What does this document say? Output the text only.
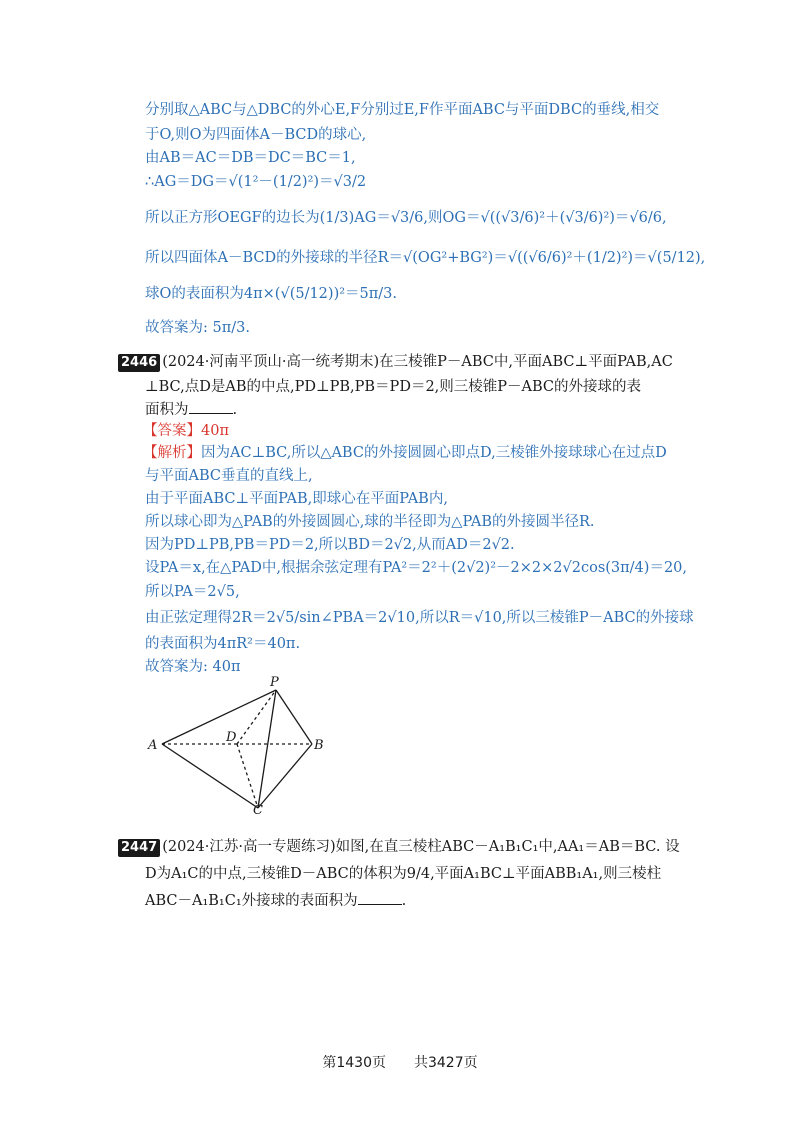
分别取△ABC与△DBC的外心E,F分别过E,F作平面ABC与平面DBC的垂线,相交
于O,则O为四面体A－BCD的球心,
由AB＝AC＝DB＝DC＝BC＝1,
∴AG＝DG＝√(1²－(1/2)²)＝√3/2
所以正方形OEGF的边长为(1/3)AG＝√3/6,则OG＝√((√3/6)²＋(√3/6)²)＝√6/6,
所以四面体A－BCD的外接球的半径R＝√(OG²+BG²)＝√((√6/6)²＋(1/2)²)＝√(5/12),
球O的表面积为4π×(√(5/12))²＝5π/3.
故答案为: 5π/3.
2446 (2024·河南平顶山·高一统考期末)在三棱锥P－ABC中,平面ABC⊥平面PAB,AC
⊥BC,点D是AB的中点,PD⊥PB,PB＝PD＝2,则三棱锥P－ABC的外接球的表
面积为	.
【答案】40π
【解析】因为AC⊥BC,所以△ABC的外接圆圆心即点D,三棱锥外接球球心在过点D
与平面ABC垂直的直线上,
由于平面ABC⊥平面PAB,即球心在平面PAB内,
所以球心即为△PAB的外接圆圆心,球的半径即为△PAB的外接圆半径R.
因为PD⊥PB,PB＝PD＝2,所以BD＝2√2,从而AD＝2√2.
设PA＝x,在△PAD中,根据余弦定理有PA²＝2²＋(2√2)²－2×2×2√2cos(3π/4)＝20,
所以PA＝2√5,
由正弦定理得2R＝2√5/sin∠PBA＝2√10,所以R＝√10,所以三棱锥P－ABC的外接球
的表面积为4πR²＝40π.
故答案为: 40π
P
A
D
B
C
2447 (2024·江苏·高一专题练习)如图,在直三棱柱ABC－A₁B₁C₁中,AA₁＝AB＝BC. 设
D为A₁C的中点,三棱锥D－ABC的体积为9/4,平面A₁BC⊥平面ABB₁A₁,则三棱柱
ABC－A₁B₁C₁外接球的表面积为	.
第1430页　　共3427页
